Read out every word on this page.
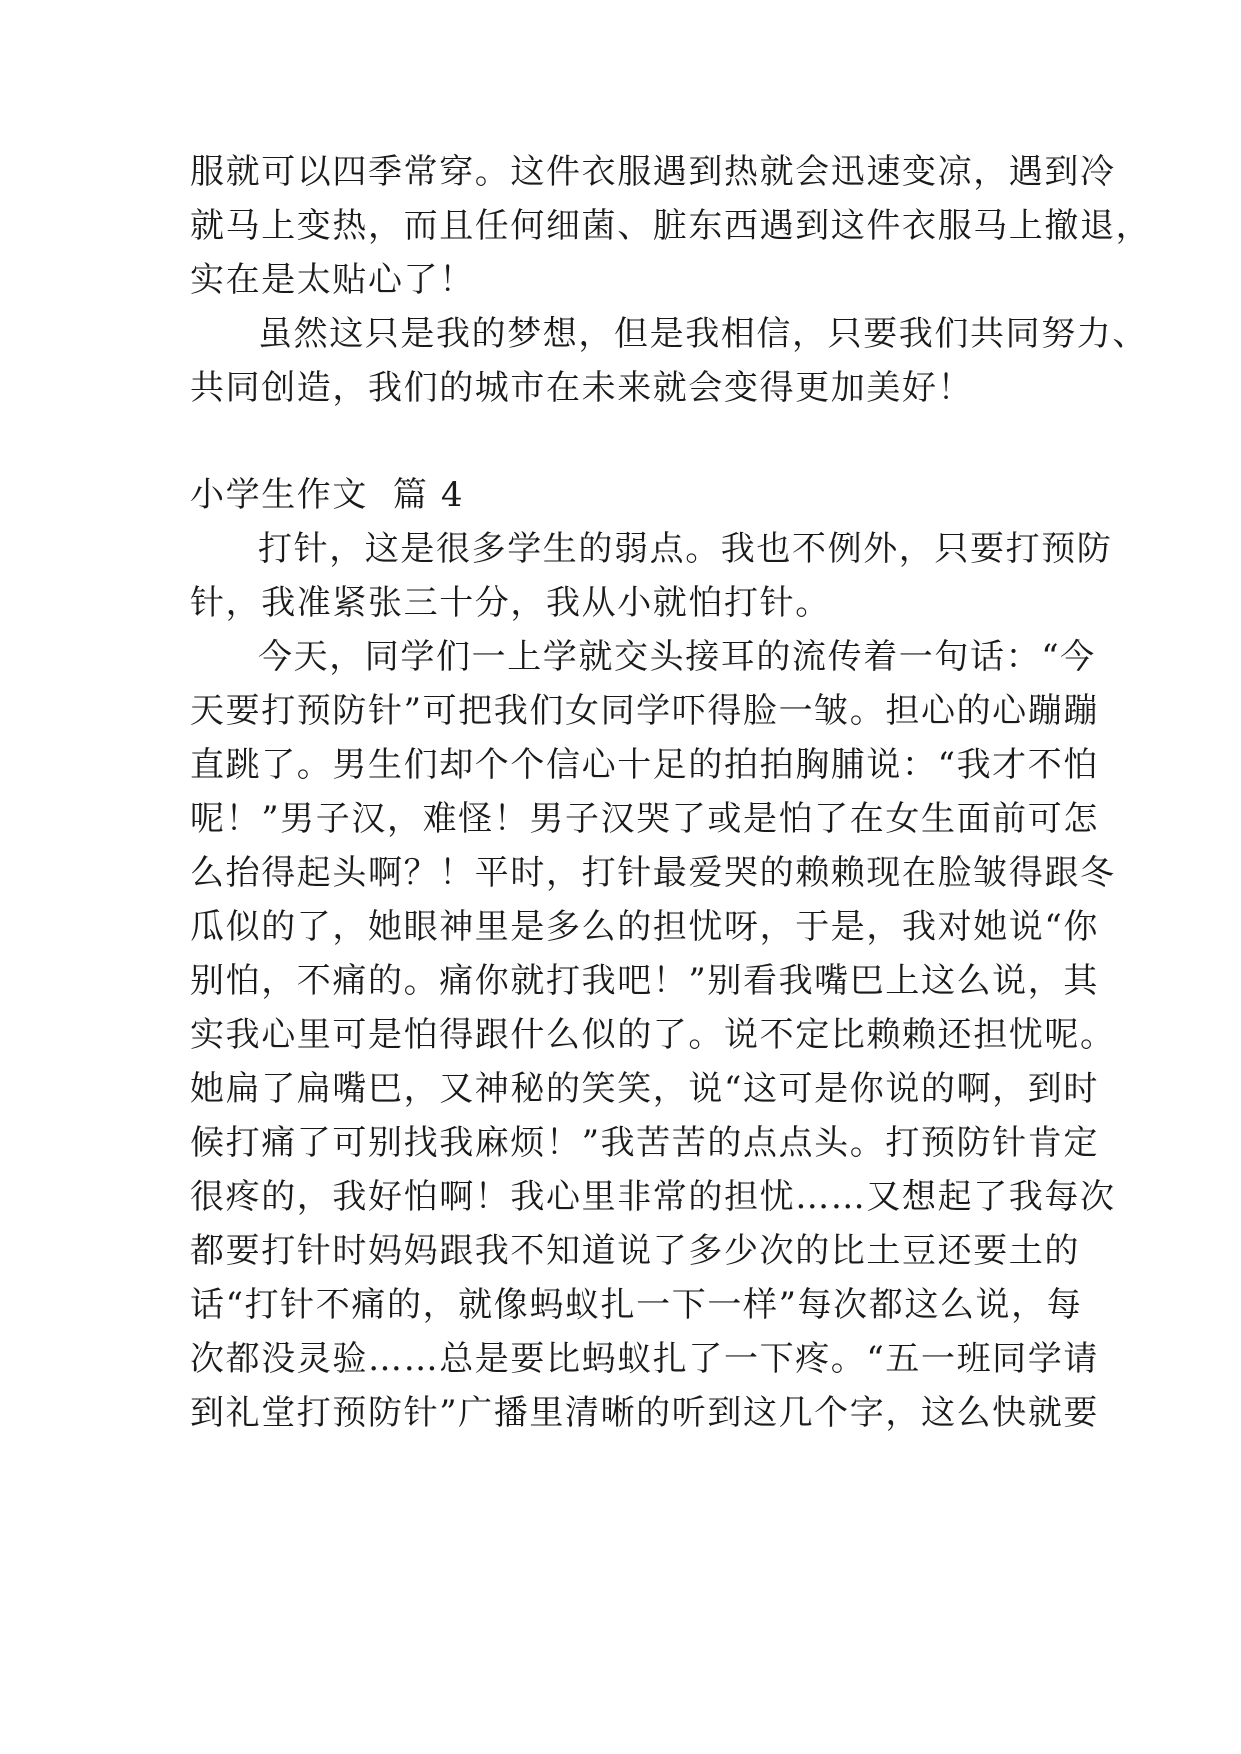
服就可以四季常穿。这件衣服遇到热就会迅速变凉，遇到冷
就马上变热，而且任何细菌、脏东西遇到这件衣服马上撤退，
实在是太贴心了！
虽然这只是我的梦想，但是我相信，只要我们共同努力、
共同创造，我们的城市在未来就会变得更加美好！
小学生作文  篇 4
打针，这是很多学生的弱点。我也不例外，只要打预防
针，我准紧张三十分，我从小就怕打针。
今天，同学们一上学就交头接耳的流传着一句话：“今
天要打预防针”可把我们女同学吓得脸一皱。担心的心蹦蹦
直跳了。男生们却个个信心十足的拍拍胸脯说：“我才不怕
呢！”男子汉，难怪！男子汉哭了或是怕了在女生面前可怎
么抬得起头啊？！平时，打针最爱哭的赖赖现在脸皱得跟冬
瓜似的了，她眼神里是多么的担忧呀，于是，我对她说“你
别怕，不痛的。痛你就打我吧！”别看我嘴巴上这么说，其
实我心里可是怕得跟什么似的了。说不定比赖赖还担忧呢。
她扁了扁嘴巴，又神秘的笑笑，说“这可是你说的啊，到时
候打痛了可别找我麻烦！”我苦苦的点点头。打预防针肯定
很疼的，我好怕啊！我心里非常的担忧……又想起了我每次
都要打针时妈妈跟我不知道说了多少次的比土豆还要土的
话“打针不痛的，就像蚂蚁扎一下一样”每次都这么说，每
次都没灵验……总是要比蚂蚁扎了一下疼。“五一班同学请
到礼堂打预防针”广播里清晰的听到这几个字，这么快就要
